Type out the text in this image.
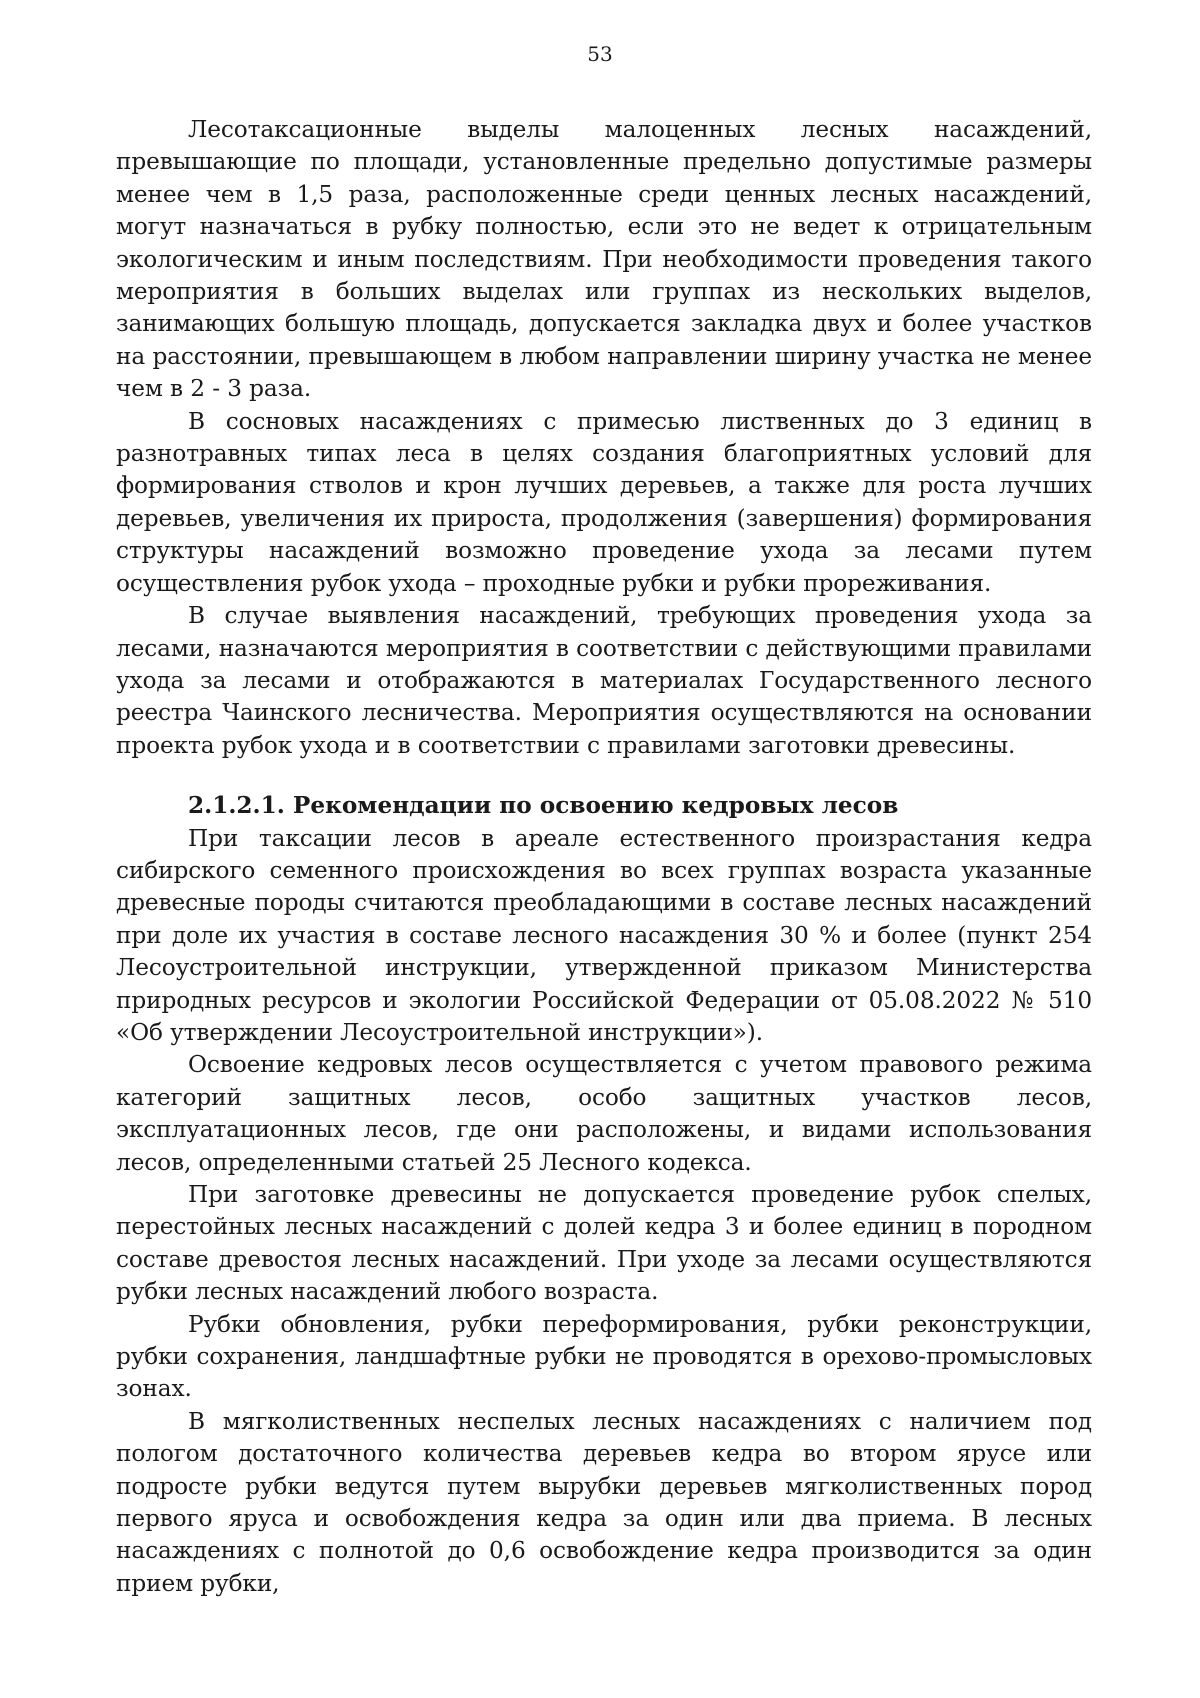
53

Лесотаксационные выделы малоценных лесных насаждений, превышающие по площади, установленные предельно допустимые размеры менее чем в 1,5 раза, расположенные среди ценных лесных насаждений, могут назначаться в рубку полностью, если это не ведет к отрицательным экологическим и иным последствиям. При необходимости проведения такого мероприятия в больших выделах или группах из нескольких выделов, занимающих большую площадь, допускается закладка двух и более участков на расстоянии, превышающем в любом направлении ширину участка не менее чем в 2 - 3 раза.

В сосновых насаждениях с примесью лиственных до 3 единиц в разнотравных типах леса в целях создания благоприятных условий для формирования стволов и крон лучших деревьев, а также для роста лучших деревьев, увеличения их прироста, продолжения (завершения) формирования структуры насаждений возможно проведение ухода за лесами путем осуществления рубок ухода – проходные рубки и рубки прореживания.

В случае выявления насаждений, требующих проведения ухода за лесами, назначаются мероприятия в соответствии с действующими правилами ухода за лесами и отображаются в материалах Государственного лесного реестра Чаинского лесничества. Мероприятия осуществляются на основании проекта рубок ухода и в соответствии с правилами заготовки древесины.

2.1.2.1. Рекомендации по освоению кедровых лесов

При таксации лесов в ареале естественного произрастания кедра сибирского семенного происхождения во всех группах возраста указанные древесные породы считаются преобладающими в составе лесных насаждений при доле их участия в составе лесного насаждения 30 % и более (пункт 254 Лесоустроительной инструкции, утвержденной приказом Министерства природных ресурсов и экологии Российской Федерации от 05.08.2022 № 510 «Об утверждении Лесоустроительной инструкции»).

Освоение кедровых лесов осуществляется с учетом правового режима категорий защитных лесов, особо защитных участков лесов, эксплуатационных лесов, где они расположены, и видами использования лесов, определенными статьей 25 Лесного кодекса.

При заготовке древесины не допускается проведение рубок спелых, перестойных лесных насаждений с долей кедра 3 и более единиц в породном составе древостоя лесных насаждений. При уходе за лесами осуществляются рубки лесных насаждений любого возраста.

Рубки обновления, рубки переформирования, рубки реконструкции, рубки сохранения, ландшафтные рубки не проводятся в орехово-промысловых зонах.

В мягколиственных неспелых лесных насаждениях с наличием под пологом достаточного количества деревьев кедра во втором ярусе или подросте рубки ведутся путем вырубки деревьев мягколиственных пород первого яруса и освобождения кедра за один или два приема. В лесных насаждениях с полнотой до 0,6 освобождение кедра производится за один прием рубки,
